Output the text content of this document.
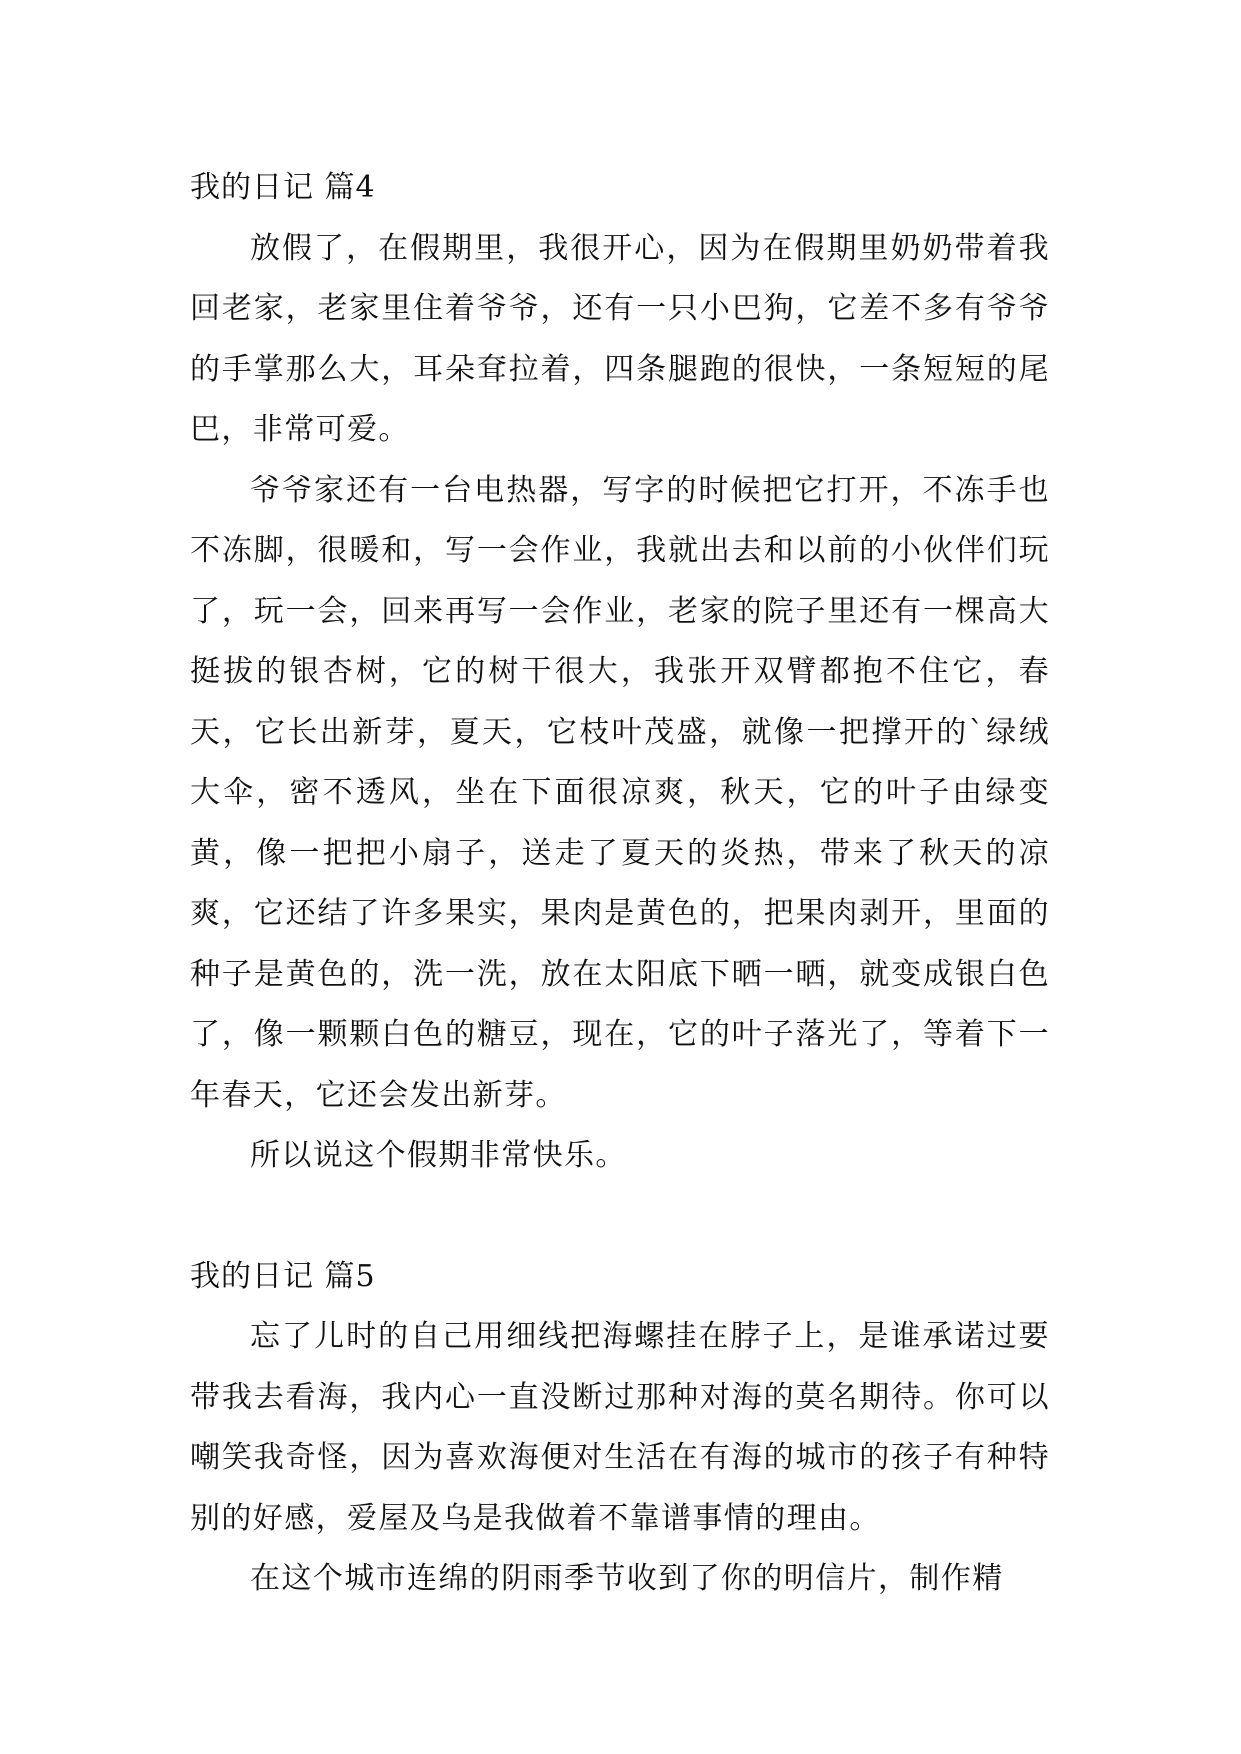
我的日记 篇4

放假了，在假期里，我很开心，因为在假期里奶奶带着我回老家，老家里住着爷爷，还有一只小巴狗，它差不多有爷爷的手掌那么大，耳朵耷拉着，四条腿跑的很快，一条短短的尾巴，非常可爱。

爷爷家还有一台电热器，写字的时候把它打开，不冻手也不冻脚，很暖和，写一会作业，我就出去和以前的小伙伴们玩了，玩一会，回来再写一会作业，老家的院子里还有一棵高大挺拔的银杏树，它的树干很大，我张开双臂都抱不住它，春天，它长出新芽，夏天，它枝叶茂盛，就像一把撑开的`绿绒大伞，密不透风，坐在下面很凉爽，秋天，它的叶子由绿变黄，像一把把小扇子，送走了夏天的炎热，带来了秋天的凉爽，它还结了许多果实，果肉是黄色的，把果肉剥开，里面的种子是黄色的，洗一洗，放在太阳底下晒一晒，就变成银白色了，像一颗颗白色的糖豆，现在，它的叶子落光了，等着下一年春天，它还会发出新芽。

所以说这个假期非常快乐。

我的日记 篇5

忘了儿时的自己用细线把海螺挂在脖子上，是谁承诺过要带我去看海，我内心一直没断过那种对海的莫名期待。你可以嘲笑我奇怪，因为喜欢海便对生活在有海的城市的孩子有种特别的好感，爱屋及乌是我做着不靠谱事情的理由。

在这个城市连绵的阴雨季节收到了你的明信片，制作精
